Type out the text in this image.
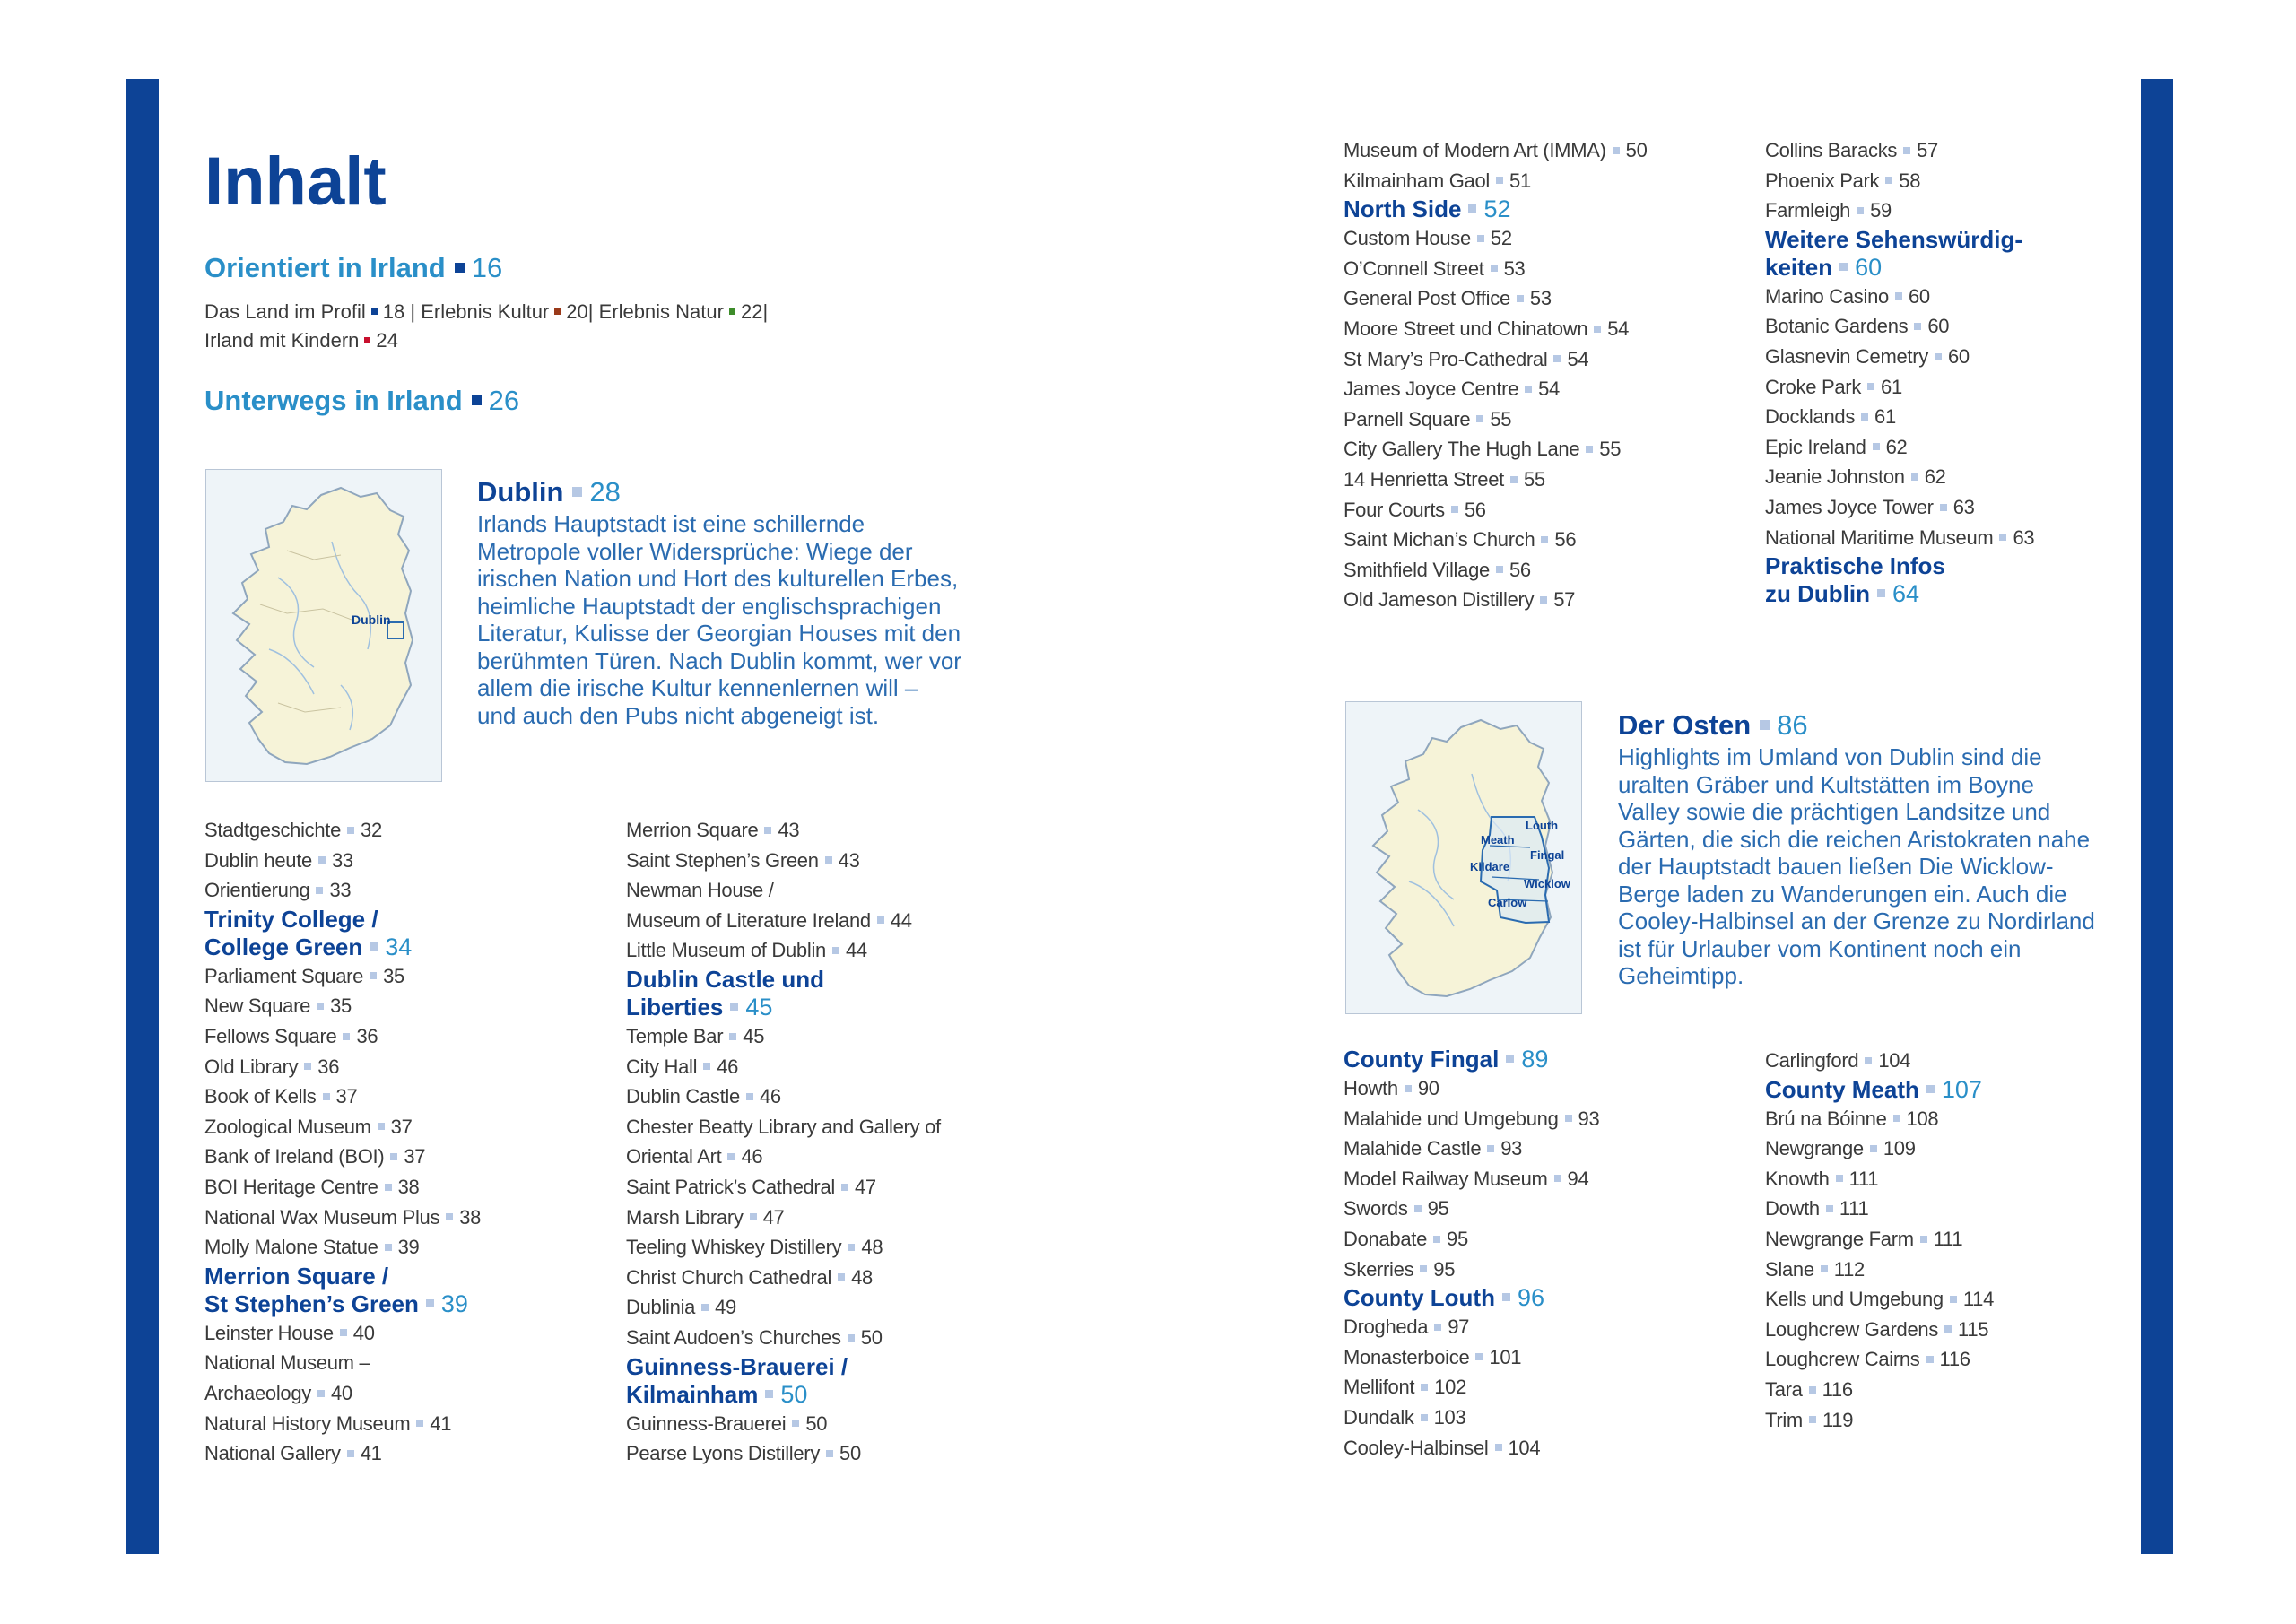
Inhalt
Orientiert in Irland 16
Das Land im Profil 18 | Erlebnis Kultur 20| Erlebnis Natur 22|
Irland mit Kindern 24
Unterwegs in Irland 26
Dublin
Dublin 28
Irlands Hauptstadt ist eine schillernde Metropole voller Widersprüche: Wiege der irischen Nation und Hort des kulturellen Erbes, heimliche Hauptstadt der englischsprachigen Literatur, Kulisse der Georgian Houses mit den berühmten Türen. Nach Dublin kommt, wer vor allem die irische Kultur kennenlernen will – und auch den Pubs nicht abgeneigt ist.
Stadtgeschichte 32
Dublin heute 33
Orientierung 33
Trinity College /
College Green 34
Parliament Square 35
New Square 35
Fellows Square 36
Old Library 36
Book of Kells 37
Zoological Museum 37
Bank of Ireland (BOI) 37
BOI Heritage Centre 38
National Wax Museum Plus 38
Molly Malone Statue 39
Merrion Square /
St Stephen’s Green 39
Leinster House 40
National Museum –
Archaeology 40
Natural History Museum 41
National Gallery 41
Merrion Square 43
Saint Stephen’s Green 43
Newman House /
Museum of Literature Ireland 44
Little Museum of Dublin 44
Dublin Castle und
Liberties 45
Temple Bar 45
City Hall 46
Dublin Castle 46
Chester Beatty Library and Gallery of
Oriental Art 46
Saint Patrick’s Cathedral 47
Marsh Library 47
Teeling Whiskey Distillery 48
Christ Church Cathedral 48
Dublinia 49
Saint Audoen’s Churches 50
Guinness-Brauerei /
Kilmainham 50
Guinness-Brauerei 50
Pearse Lyons Distillery 50
Museum of Modern Art (IMMA) 50
Kilmainham Gaol 51
North Side 52
Custom House 52
O’Connell Street 53
General Post Office 53
Moore Street und Chinatown 54
St Mary’s Pro-Cathedral 54
James Joyce Centre 54
Parnell Square 55
City Gallery The Hugh Lane 55
14 Henrietta Street 55
Four Courts 56
Saint Michan’s Church 56
Smithfield Village 56
Old Jameson Distillery 57
Collins Baracks 57
Phoenix Park 58
Farmleigh 59
Weitere Sehenswürdig-
keiten 60
Marino Casino 60
Botanic Gardens 60
Glasnevin Cemetry 60
Croke Park 61
Docklands 61
Epic Ireland 62
Jeanie Johnston 62
James Joyce Tower 63
National Maritime Museum 63
Praktische Infos
zu Dublin 64
Louth
Meath
Fingal
Kildare
Wicklow
Carlow
Der Osten 86
Highlights im Umland von Dublin sind die uralten Gräber und Kultstätten im Boyne Valley sowie die prächtigen Landsitze und Gärten, die sich die reichen Aristokraten nahe der Hauptstadt bauen ließen Die Wicklow-Berge laden zu Wanderungen ein. Auch die Cooley-Halbinsel an der Grenze zu Nordirland ist für Urlauber vom Kontinent noch ein Geheimtipp.
County Fingal 89
Howth 90
Malahide und Umgebung 93
Malahide Castle 93
Model Railway Museum 94
Swords 95
Donabate 95
Skerries 95
County Louth 96
Drogheda 97
Monasterboice 101
Mellifont 102
Dundalk 103
Cooley-Halbinsel 104
Carlingford 104
County Meath 107
Brú na Bóinne 108
Newgrange 109
Knowth 111
Dowth 111
Newgrange Farm 111
Slane 112
Kells und Umgebung 114
Loughcrew Gardens 115
Loughcrew Cairns 116
Tara 116
Trim 119
